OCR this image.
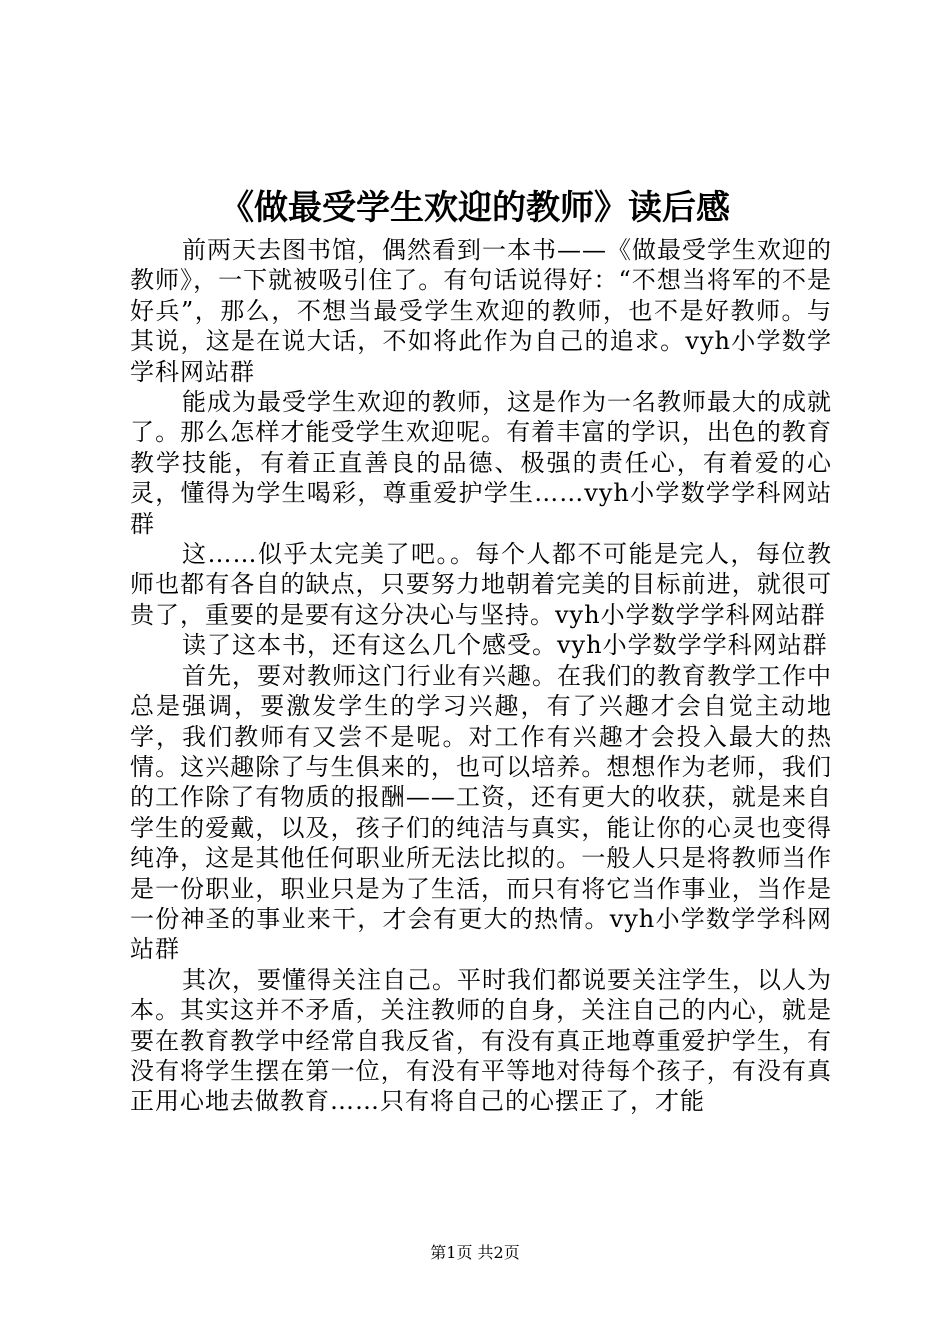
《做最受学生欢迎的教师》读后感

前两天去图书馆，偶然看到一本书——《做最受学生欢迎的教师》，一下就被吸引住了。有句话说得好：“不想当将军的不是好兵”，那么，不想当最受学生欢迎的教师，也不是好教师。与其说，这是在说大话，不如将此作为自己的追求。vyh小学数学学科网站群

能成为最受学生欢迎的教师，这是作为一名教师最大的成就了。那么怎样才能受学生欢迎呢。有着丰富的学识，出色的教育教学技能，有着正直善良的品德、极强的责任心，有着爱的心灵，懂得为学生喝彩，尊重爱护学生……vyh小学数学学科网站群

这……似乎太完美了吧。。每个人都不可能是完人，每位教师也都有各自的缺点，只要努力地朝着完美的目标前进，就很可贵了，重要的是要有这分决心与坚持。vyh小学数学学科网站群

读了这本书，还有这么几个感受。vyh小学数学学科网站群

首先，要对教师这门行业有兴趣。在我们的教育教学工作中总是强调，要激发学生的学习兴趣，有了兴趣才会自觉主动地学，我们教师有又尝不是呢。对工作有兴趣才会投入最大的热情。这兴趣除了与生俱来的，也可以培养。想想作为老师，我们的工作除了有物质的报酬——工资，还有更大的收获，就是来自学生的爱戴，以及，孩子们的纯洁与真实，能让你的心灵也变得纯净，这是其他任何职业所无法比拟的。一般人只是将教师当作是一份职业，职业只是为了生活，而只有将它当作事业，当作是一份神圣的事业来干，才会有更大的热情。vyh小学数学学科网站群

其次，要懂得关注自己。平时我们都说要关注学生，以人为本。其实这并不矛盾，关注教师的自身，关注自己的内心，就是要在教育教学中经常自我反省，有没有真正地尊重爱护学生，有没有将学生摆在第一位，有没有平等地对待每个孩子，有没有真正用心地去做教育……只有将自己的心摆正了，才能

第1页 共2页
